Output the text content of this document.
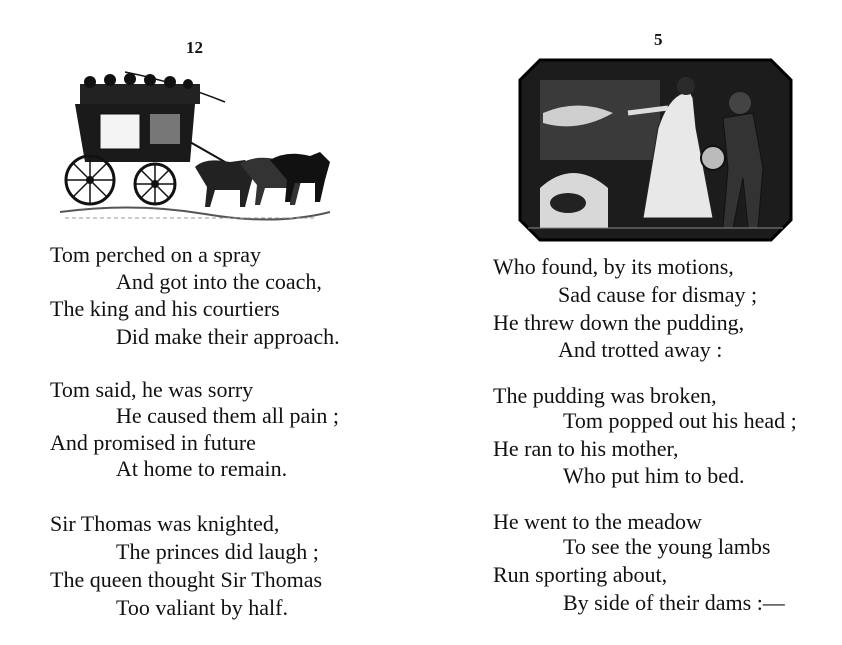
12
Tom perched on a spray
And got into the coach,
The king and his courtiers
Did make their approach.
Tom said, he was sorry
He caused them all pain ;
And promised in future
At home to remain.
Sir Thomas was knighted,
The princes did laugh ;
The queen thought Sir Thomas
Too valiant by half.
5
Who found, by its motions,
Sad cause for dismay ;
He threw down the pudding,
And trotted away :
The pudding was broken,
Tom popped out his head ;
He ran to his mother,
Who put him to bed.
He went to the meadow
To see the young lambs
Run sporting about,
By side of their dams :—
